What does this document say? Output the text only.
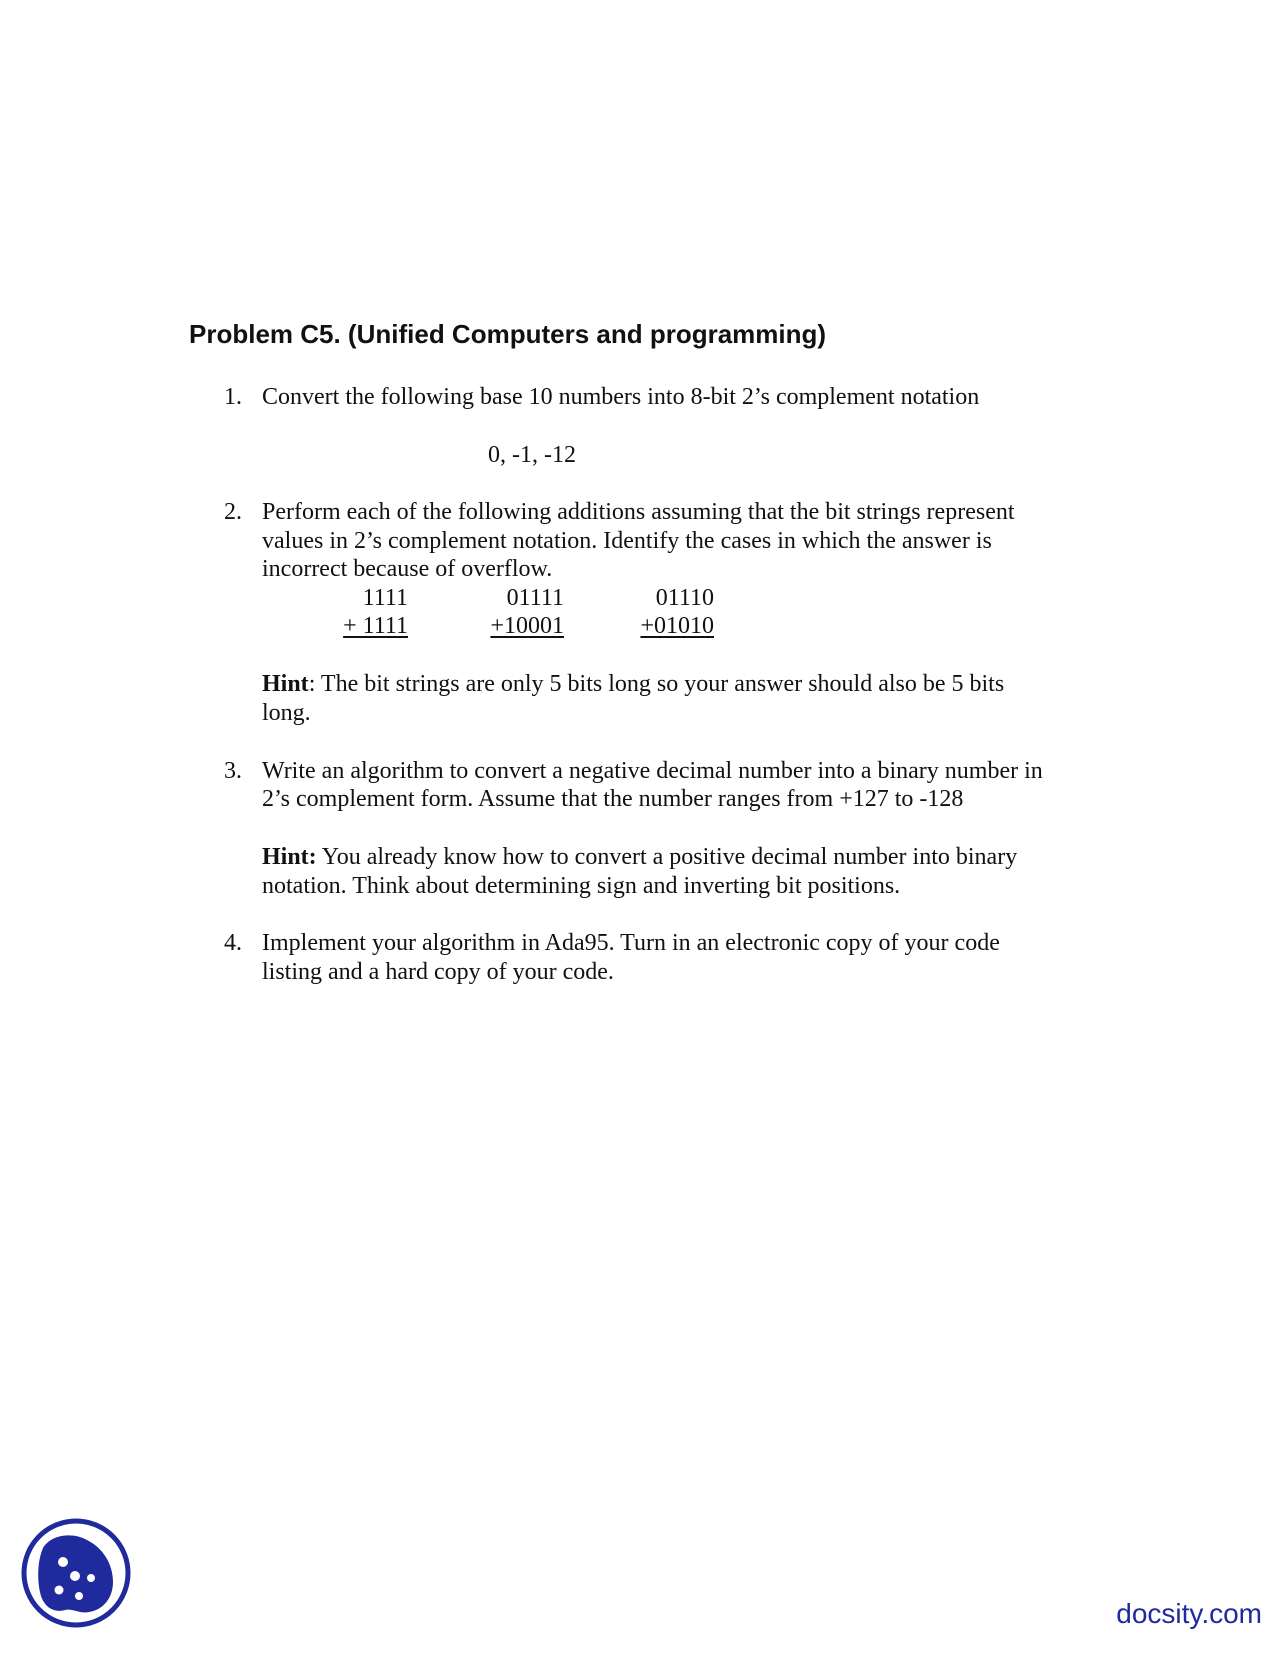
Problem C5. (Unified Computers and programming)
1. Convert the following base 10 numbers into 8-bit 2’s complement notation
0, -1, -12
2. Perform each of the following additions assuming that the bit strings represent
values in 2’s complement notation. Identify the cases in which the answer is
incorrect because of overflow.
1111
+ 1111
01111
+10001
01110
+01010
Hint: The bit strings are only 5 bits long so your answer should also be 5 bits
long.
3. Write an algorithm to convert a negative decimal number into a binary number in
2’s complement form. Assume that the number ranges from +127 to -128
Hint: You already know how to convert a positive decimal number into binary
notation. Think about determining sign and inverting bit positions.
4. Implement your algorithm in Ada95. Turn in an electronic copy of your code
listing and a hard copy of your code.
docsity.com
